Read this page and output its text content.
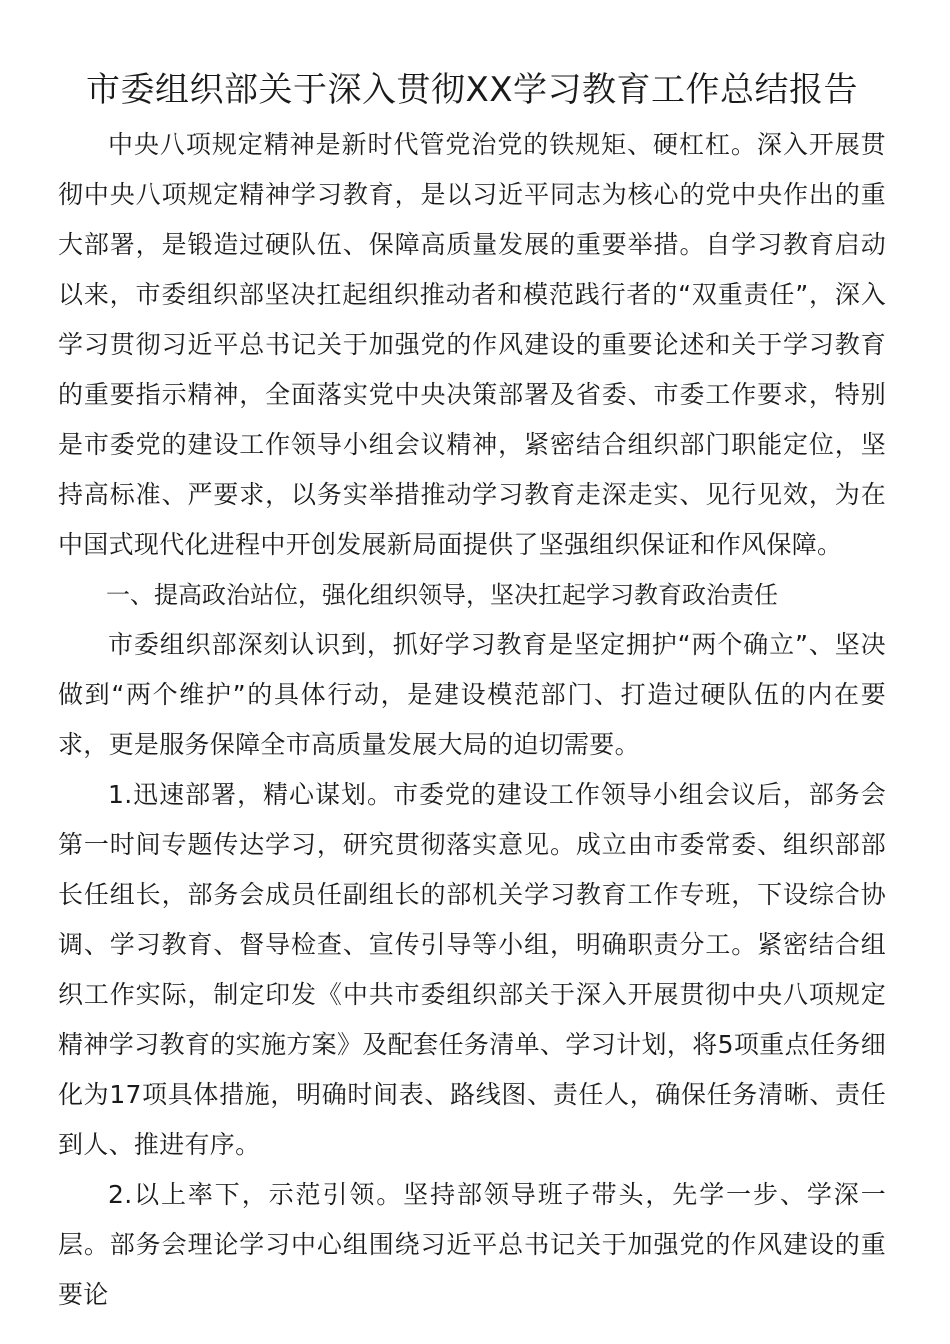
市委组织部关于深入贯彻XX学习教育工作总结报告

中央八项规定精神是新时代管党治党的铁规矩、硬杠杠。深入开展贯彻中央八项规定精神学习教育，是以习近平同志为核心的党中央作出的重大部署，是锻造过硬队伍、保障高质量发展的重要举措。自学习教育启动以来，市委组织部坚决扛起组织推动者和模范践行者的“双重责任”，深入学习贯彻习近平总书记关于加强党的作风建设的重要论述和关于学习教育的重要指示精神，全面落实党中央决策部署及省委、市委工作要求，特别是市委党的建设工作领导小组会议精神，紧密结合组织部门职能定位，坚持高标准、严要求，以务实举措推动学习教育走深走实、见行见效，为在中国式现代化进程中开创发展新局面提供了坚强组织保证和作风保障。

一、提高政治站位，强化组织领导，坚决扛起学习教育政治责任

市委组织部深刻认识到，抓好学习教育是坚定拥护“两个确立”、坚决做到“两个维护”的具体行动，是建设模范部门、打造过硬队伍的内在要求，更是服务保障全市高质量发展大局的迫切需要。

1.迅速部署，精心谋划。市委党的建设工作领导小组会议后，部务会第一时间专题传达学习，研究贯彻落实意见。成立由市委常委、组织部部长任组长，部务会成员任副组长的部机关学习教育工作专班，下设综合协调、学习教育、督导检查、宣传引导等小组，明确职责分工。紧密结合组织工作实际，制定印发《中共市委组织部关于深入开展贯彻中央八项规定精神学习教育的实施方案》及配套任务清单、学习计划，将5项重点任务细化为17项具体措施，明确时间表、路线图、责任人，确保任务清晰、责任到人、推进有序。

2.以上率下，示范引领。坚持部领导班子带头，先学一步、学深一层。部务会理论学习中心组围绕习近平总书记关于加强党的作风建设的重要论
